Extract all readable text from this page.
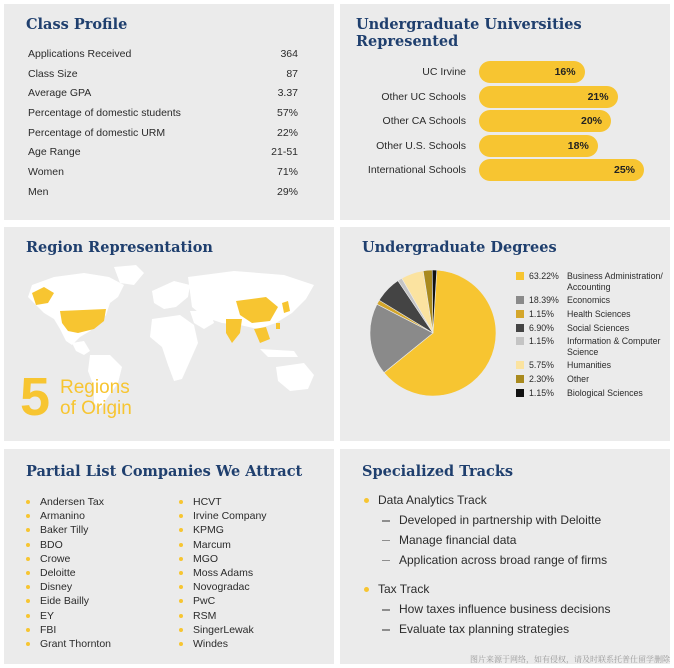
Class Profile
Applications Received	364
Class Size	87
Average GPA	3.37
Percentage of domestic students	57%
Percentage of domestic URM	22%
Age Range	21-51
Women	71%
Men	29%
Undergraduate Universities Represented
UC Irvine	16%
Other UC Schools	21%
Other CA Schools	20%
Other U.S. Schools	18%
International Schools	25%
Region Representation
5 Regions
of Origin
Undergraduate Degrees
63.22% Business Administration/ Accounting
18.39% Economics
1.15%	Health Sciences
6.90%	Social Sciences
1.15%	Information & Computer Science
5.75%	Humanities
2.30%	Other
1.15%	Biological Sciences
Partial List Companies We Attract
Andersen Tax
Armanino
Baker Tilly
BDO
Crowe
Deloitte
Disney
Eide Bailly
EY
FBI
Grant Thornton
HCVT
Irvine Company
KPMG
Marcum
MGO
Moss Adams
Novogradac
PwC
RSM
SingerLewak
Windes
Specialized Tracks
Data Analytics Track
Developed in partnership with Deloitte
Manage financial data
Application across broad range of firms
Tax Track
How taxes influence business decisions
Evaluate tax planning strategies
图片来源于网络，如有侵权，请及时联系托普仕留学删除
